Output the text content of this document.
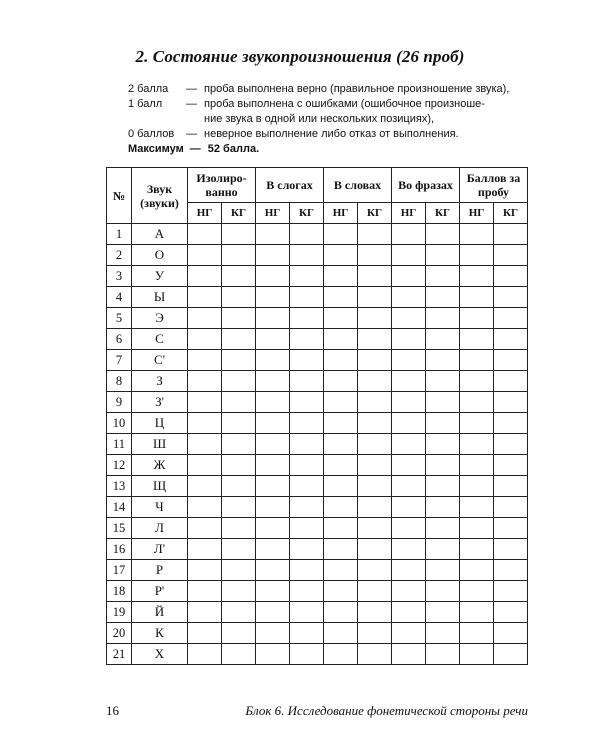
2. Состояние звукопроизношения (26 проб)
2 балла	— проба выполнена верно (правильное произношение звука),
1 балл	— проба выполнена с ошибками (ошибочное произноше-
ние звука в одной или нескольких позициях),
0 баллов	— неверное выполнение либо отказ от выполнения.
Максимум — 52 балла.
№	Звук (звуки)	Изолиро-ванно		В слогах		В словах		Во фразах		Баллов за пробу	
		НГ	КГ	НГ	КГ	НГ	КГ	НГ	КГ	НГ	КГ
1	А										
2	О										
3	У										
4	Ы										
5	Э										
6	С										
7	С'										
8	З										
9	З'										
10	Ц										
11	Ш										
12	Ж										
13	Щ										
14	Ч										
15	Л										
16	Л'										
17	Р										
18	Р'										
19	Й										
20	К										
21	Х										
16	Блок 6. Исследование фонетической стороны речи
